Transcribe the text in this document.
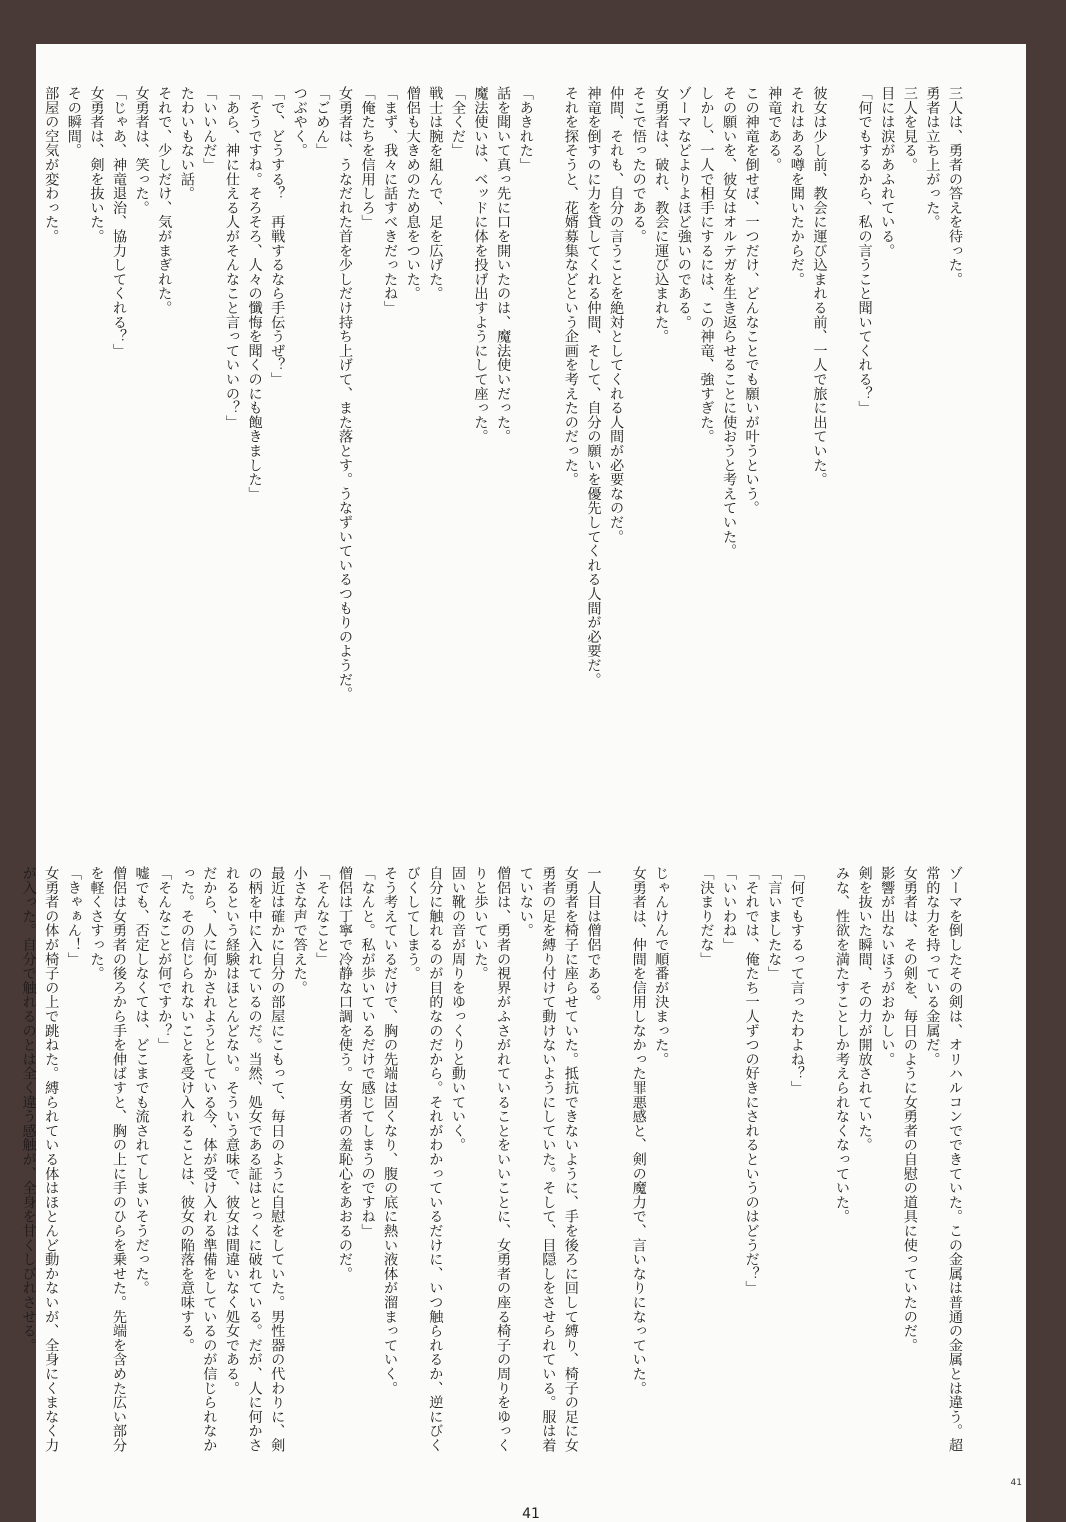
三人は、勇者の答えを待った。

勇者は立ち上がった。

三人を見る。

目には涙があふれている。

「何でもするから、私の言うこと聞いてくれる？」

彼女は少し前、教会に運び込まれる前、一人で旅に出ていた。

それはある噂を聞いたからだ。

神竜である。

この神竜を倒せば、一つだけ、どんなことでも願いが叶うという。

その願いを、彼女はオルテガを生き返らせることに使おうと考えていた。

しかし、一人で相手にするには、この神竜、強すぎた。

ゾーマなどよりよほど強いのである。

女勇者は、破れ、教会に運び込まれた。

そこで悟ったのである。

仲間、それも、自分の言うことを絶対としてくれる人間が必要なのだ。

神竜を倒すのに力を貸してくれる仲間、そして、自分の願いを優先してくれる人間が必要だ。

それを探そうと、花婿募集などという企画を考えたのだった。

「あきれた」

話を聞いて真っ先に口を開いたのは、魔法使いだった。

魔法使いは、ベッドに体を投げ出すようにして座った。

「全くだ」

戦士は腕を組んで、足を広げた。

僧侶も大きめのため息をついた。

「まず、我々に話すべきだったね」

「俺たちを信用しろ」

女勇者は、うなだれた首を少しだけ持ち上げて、また落とす。うなずいているつもりのようだ。

「ごめん」

つぶやく。

「で、どうする？　再戦するなら手伝うぜ？」

「そうですね。そろそろ、人々の懺悔を聞くのにも飽きました」

「あら、神に仕える人がそんなこと言っていいの？」

「いいんだ」

たわいもない話。

それで、少しだけ、気がまぎれた。

女勇者は、笑った。

「じゃあ、神竜退治、協力してくれる？」

女勇者は、剣を抜いた。

その瞬間。

部屋の空気が変わった。

ゾーマを倒したその剣は、オリハルコンでできていた。この金属は普通の金属とは違う。超常的な力を持っている金属だ。

女勇者は、その剣を、毎日のように女勇者の自慰の道具に使っていたのだ。

影響が出ないほうがおかしい。

剣を抜いた瞬間、その力が開放されていた。

みな、性欲を満たすことしか考えられなくなっていた。

「何でもするって言ったわよね？」

「言いましたな」

「それでは、俺たち一人ずつの好きにされるというのはどうだ？」

「いいわね」

「決まりだな」

じゃんけんで順番が決まった。

女勇者は、仲間を信用しなかった罪悪感と、剣の魔力で、言いなりになっていた。

一人目は僧侶である。

女勇者を椅子に座らせていた。抵抗できないように、手を後ろに回して縛り、椅子の足に女勇者の足を縛り付けて動けないようにしていた。そして、目隠しをさせられている。服は着ていない。

僧侶は、勇者の視界がふさがれていることをいいことに、女勇者の座る椅子の周りをゆっくりと歩いていた。

固い靴の音が周りをゆっくりと動いていく。

自分に触れるのが目的なのだから。それがわかっているだけに、いつ触られるか、逆にびくびくしてしまう。

そう考えているだけで、胸の先端は固くなり、腹の底に熱い液体が溜まっていく。

「なんと。私が歩いているだけで感じてしまうのですね」

僧侶は丁寧で冷静な口調を使う。女勇者の羞恥心をあおるのだ。

「そんなこと」

小さな声で答えた。

最近は確かに自分の部屋にこもって、毎日のように自慰をしていた。男性器の代わりに、剣の柄を中に入れているのだ。当然、処女である証はとっくに破れている。だが、人に何かされるという経験はほとんどない。そういう意味で、彼女は間違いなく処女である。

だから、人に何かされようとしている今、体が受け入れる準備をしているのが信じられなかった。その信じられないことを受け入れることは、彼女の陥落を意味する。

「そんなことが何ですか？」

嘘でも、否定しなくては、どこまでも流されてしまいそうだった。

僧侶は女勇者の後ろから手を伸ばすと、胸の上に手のひらを乗せた。先端を含めた広い部分を軽くさすった。

「きゃぁん！」

女勇者の体が椅子の上で跳ねた。縛られている体はほとんど動かないが、全身にくまなく力が入った。自分で触れるのとは全く違う感触が、全身を甘くしびれさせる。

41
41
